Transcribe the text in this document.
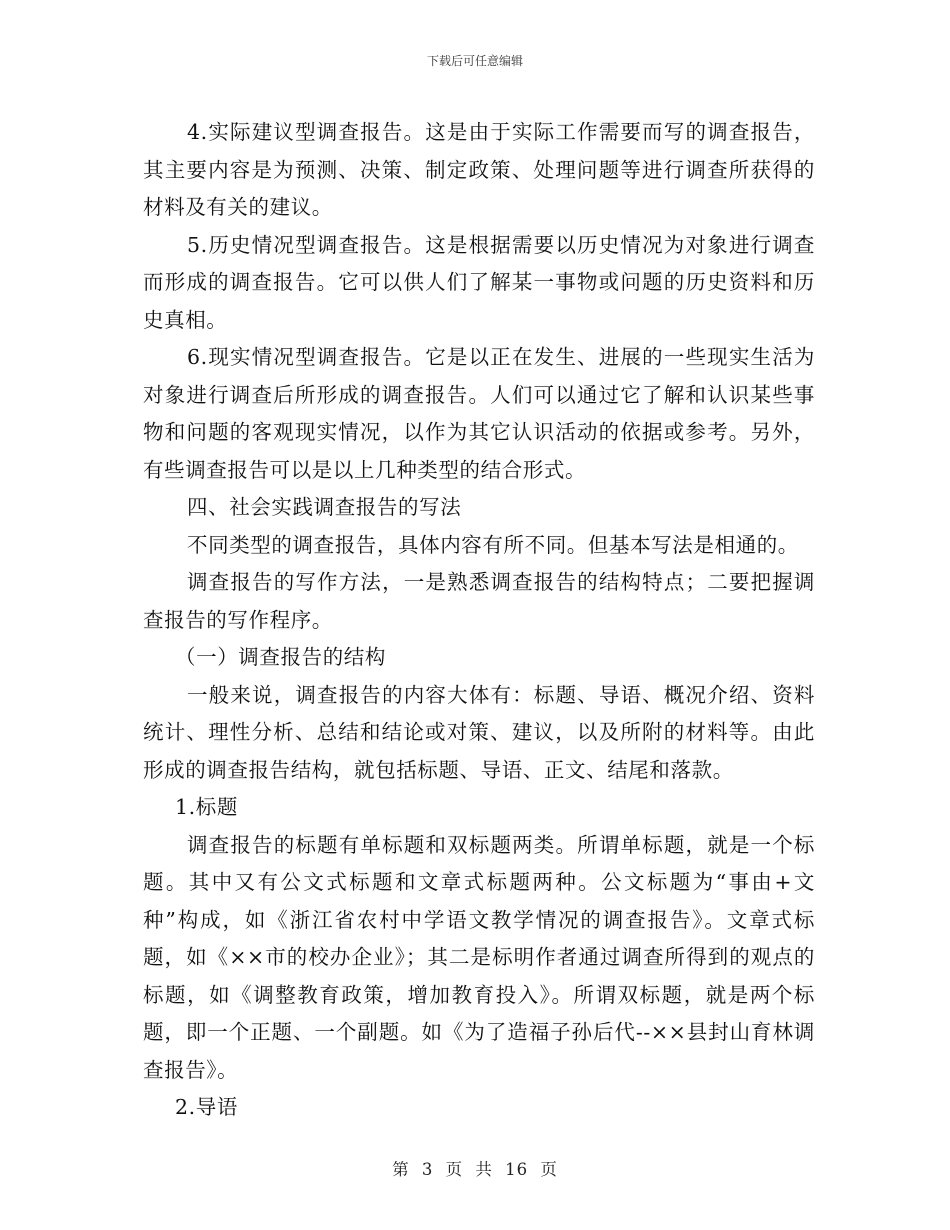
下载后可任意编辑

4.实际建议型调查报告。这是由于实际工作需要而写的调查报告，其主要内容是为预测、决策、制定政策、处理问题等进行调查所获得的材料及有关的建议。

5.历史情况型调查报告。这是根据需要以历史情况为对象进行调查而形成的调查报告。它可以供人们了解某一事物或问题的历史资料和历史真相。

6.现实情况型调查报告。它是以正在发生、进展的一些现实生活为对象进行调查后所形成的调查报告。人们可以通过它了解和认识某些事物和问题的客观现实情况，以作为其它认识活动的依据或参考。另外，有些调查报告可以是以上几种类型的结合形式。

四、社会实践调查报告的写法

不同类型的调查报告，具体内容有所不同。但基本写法是相通的。

调查报告的写作方法，一是熟悉调查报告的结构特点；二要把握调查报告的写作程序。

（一）调查报告的结构

一般来说，调查报告的内容大体有：标题、导语、概况介绍、资料统计、理性分析、总结和结论或对策、建议，以及所附的材料等。由此形成的调查报告结构，就包括标题、导语、正文、结尾和落款。

1.标题

调查报告的标题有单标题和双标题两类。所谓单标题，就是一个标题。其中又有公文式标题和文章式标题两种。公文标题为“事由+文种”构成，如《浙江省农村中学语文教学情况的调查报告》。文章式标题，如《××市的校办企业》；其二是标明作者通过调查所得到的观点的标题，如《调整教育政策，增加教育投入》。所谓双标题，就是两个标题，即一个正题、一个副题。如《为了造福子孙后代--××县封山育林调查报告》。

2.导语

第 3 页 共 16 页
